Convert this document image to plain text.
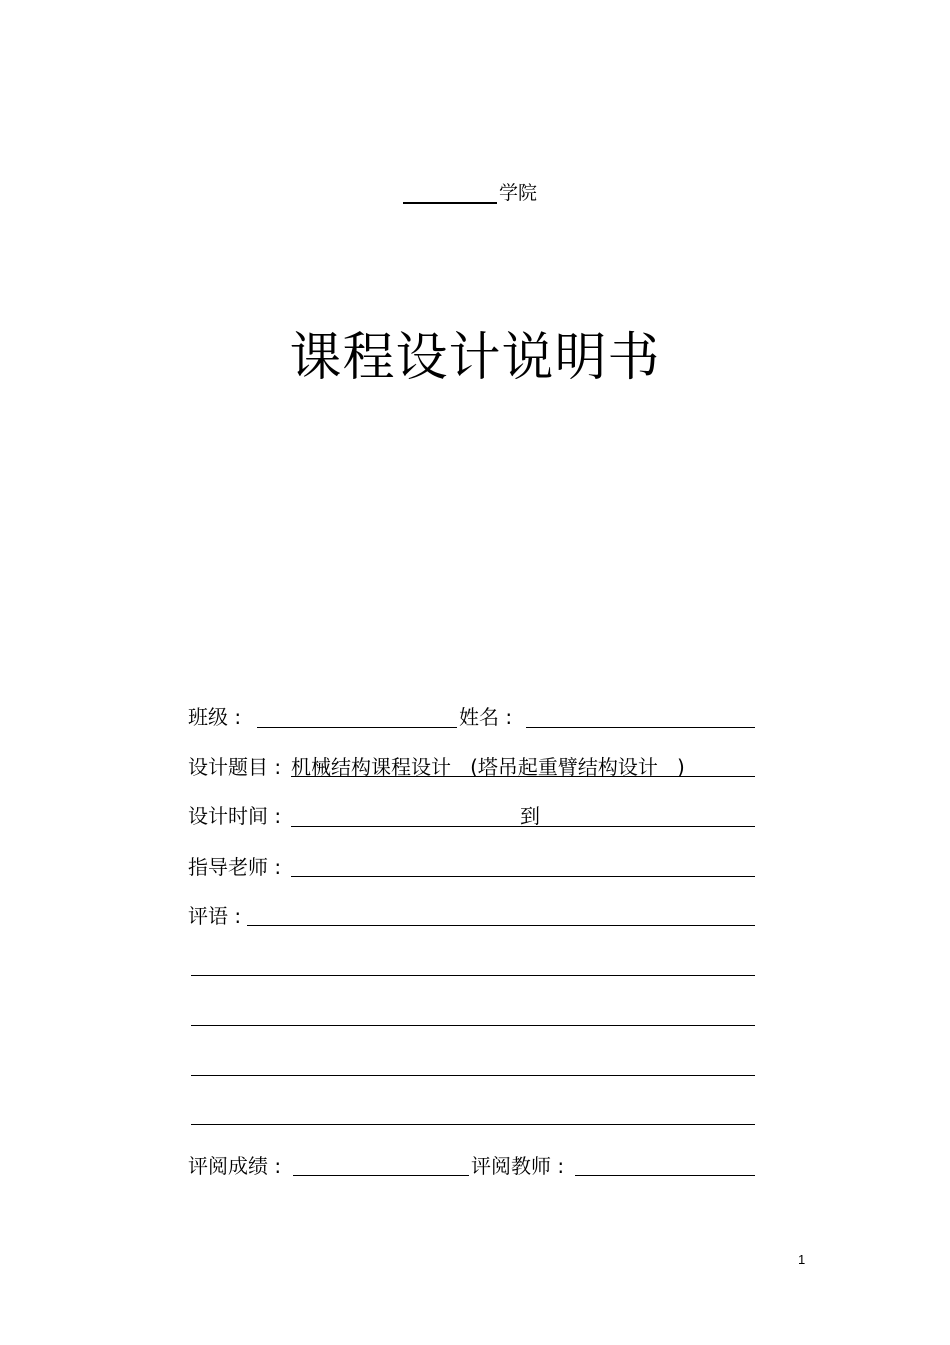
学院
课程设计说明书
班级 :	姓名 :
设计题目 : 机械结构课程设计   (塔吊起重臂结构设计   )
设计时间 :	到
指导老师 :
评语 :
评阅成绩 :	评阅教师 :
1
